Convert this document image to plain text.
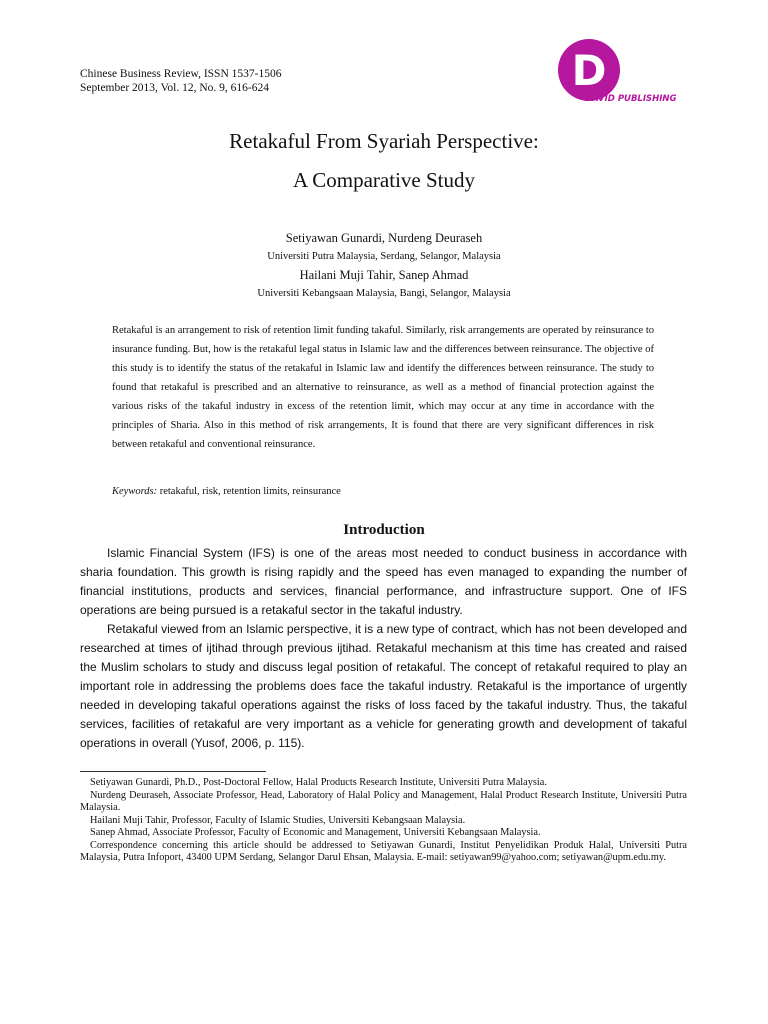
Chinese Business Review, ISSN 1537-1506
September 2013, Vol. 12, No. 9, 616-624	D
DAVID PUBLISHING
Retakaful From Syariah Perspective:
A Comparative Study
Setiyawan Gunardi, Nurdeng Deuraseh
Universiti Putra Malaysia, Serdang, Selangor, Malaysia
Hailani Muji Tahir, Sanep Ahmad
Universiti Kebangsaan Malaysia, Bangi, Selangor, Malaysia
Retakaful is an arrangement to risk of retention limit funding takaful. Similarly, risk arrangements are operated by reinsurance to insurance funding. But, how is the retakaful legal status in Islamic law and the differences between reinsurance. The objective of this study is to identify the status of the retakaful in Islamic law and identify the differences between reinsurance. The study to found that retakaful is prescribed and an alternative to reinsurance, as well as a method of financial protection against the various risks of the takaful industry in excess of the retention limit, which may occur at any time in accordance with the principles of Sharia. Also in this method of risk arrangements, It is found that there are very significant differences in risk between retakaful and conventional reinsurance.
Keywords: retakaful, risk, retention limits, reinsurance
Introduction

Islamic Financial System (IFS) is one of the areas most needed to conduct business in accordance with sharia foundation. This growth is rising rapidly and the speed has even managed to expanding the number of financial institutions, products and services, financial performance, and infrastructure support. One of IFS operations are being pursued is a retakaful sector in the takaful industry.

Retakaful viewed from an Islamic perspective, it is a new type of contract, which has not been developed and researched at times of ijtihad through previous ijtihad. Retakaful mechanism at this time has created and raised the Muslim scholars to study and discuss legal position of retakaful. The concept of retakaful required to play an important role in addressing the problems does face the takaful industry. Retakaful is the importance of urgently needed in developing takaful operations against the risks of loss faced by the takaful industry. Thus, the takaful services, facilities of retakaful are very important as a vehicle for generating growth and development of takaful operations in overall (Yusof, 2006, p. 115).

Setiyawan Gunardi, Ph.D., Post-Doctoral Fellow, Halal Products Research Institute, Universiti Putra Malaysia.
Nurdeng Deuraseh, Associate Professor, Head, Laboratory of Halal Policy and Management, Halal Product Research Institute, Universiti Putra Malaysia.
Hailani Muji Tahir, Professor, Faculty of Islamic Studies, Universiti Kebangsaan Malaysia.
Sanep Ahmad, Associate Professor, Faculty of Economic and Management, Universiti Kebangsaan Malaysia.
Correspondence concerning this article should be addressed to Setiyawan Gunardi, Institut Penyelidikan Produk Halal, Universiti Putra Malaysia, Putra Infoport, 43400 UPM Serdang, Selangor Darul Ehsan, Malaysia. E-mail: setiyawan99@yahoo.com; setiyawan@upm.edu.my.
